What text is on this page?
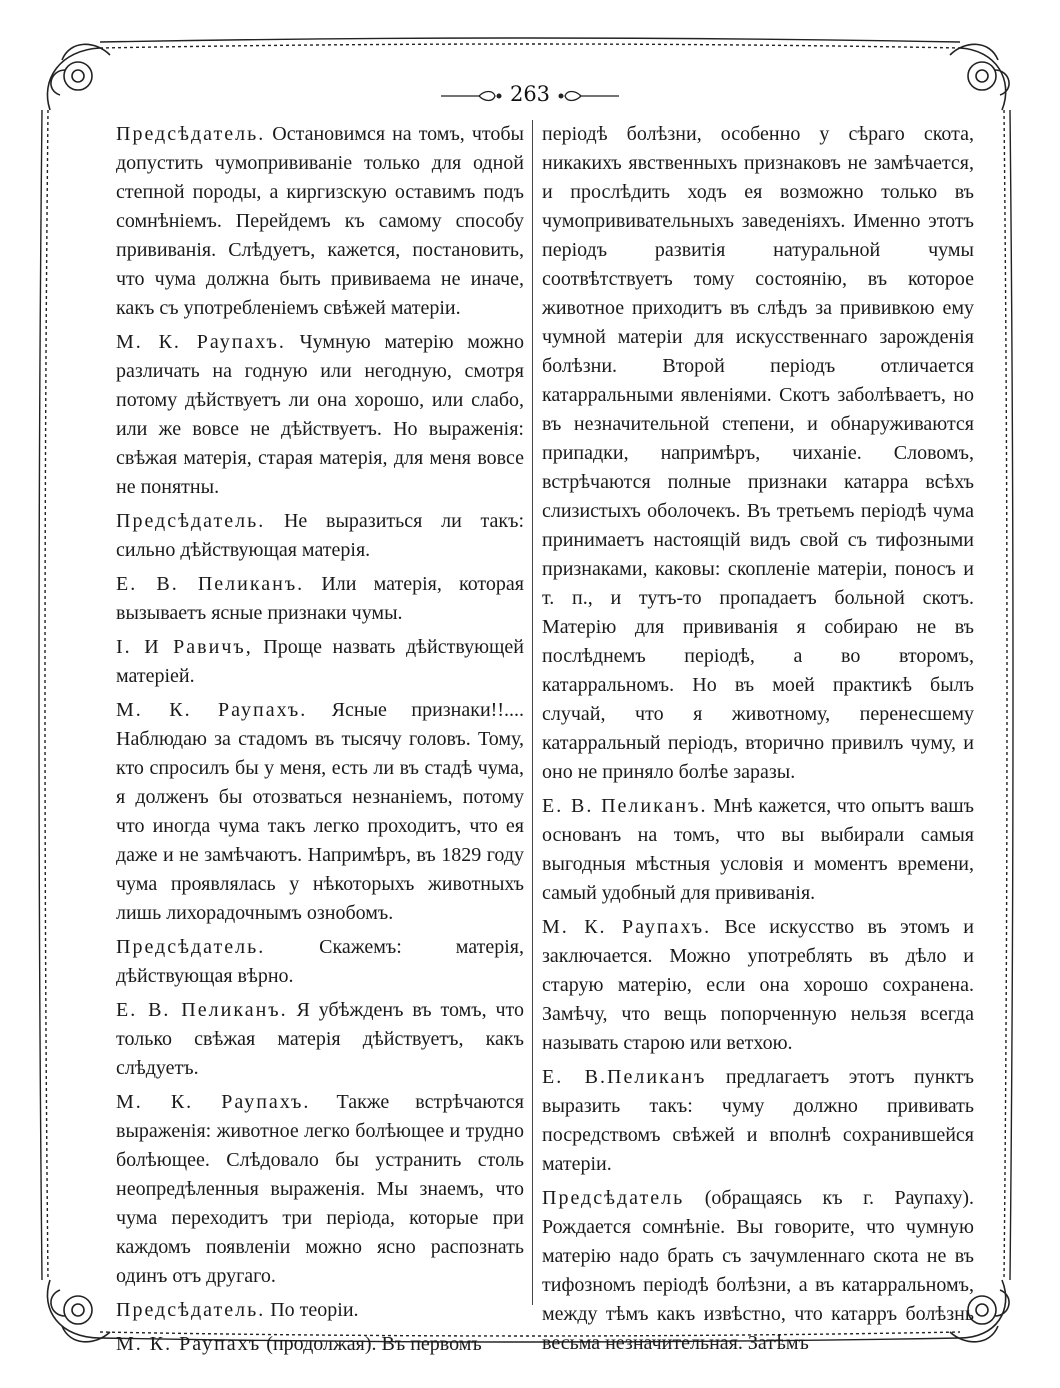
263

Предсѣдатель. Остановимся на томъ, чтобы допустить чумопрививаніе только для одной степной породы, а киргизскую оставимъ подъ сомнѣніемъ. Перейдемъ къ самому способу прививанія. Слѣдуетъ, кажется, постановить, что чума должна быть прививаема не иначе, какъ съ употребленіемъ свѣжей матеріи.

М. К. Раупахъ. Чумную матерію можно различать на годную или негодную, смотря потому дѣйствуетъ ли она хорошо, или слабо, или же вовсе не дѣйствуетъ. Но выраженія: свѣжая матерія, старая матерія, для меня вовсе не понятны.

Предсѣдатель. Не выразиться ли такъ: сильно дѣйствующая матерія.

Е. В. Пеликанъ. Или матерія, которая вызываетъ ясные признаки чумы.

І. И Равичъ, Проще назвать дѣйствующей матеріей.

М. К. Раупахъ. Ясные признаки!!.... Наблюдаю за стадомъ въ тысячу головъ. Тому, кто спросилъ бы у меня, есть ли въ стадѣ чума, я долженъ бы отозваться незнаніемъ, потому что иногда чума такъ легко проходитъ, что ея даже и не замѣчаютъ. Напримѣръ, въ 1829 году чума проявлялась у нѣкоторыхъ животныхъ лишь лихорадочнымъ ознобомъ.

Предсѣдатель. Скажемъ: матерія, дѣйствующая вѣрно.

Е. В. Пеликанъ. Я убѣжденъ въ томъ, что только свѣжая матерія дѣйствуетъ, какъ слѣдуетъ.

М. К. Раупахъ. Также встрѣчаются выраженія: животное легко болѣющее и трудно болѣющее. Слѣдовало бы устранить столь неопредѣленныя выраженія. Мы знаемъ, что чума переходитъ три періода, которые при каждомъ появленіи можно ясно распознать одинъ отъ другаго.

Предсѣдатель. По теоріи.

М. К. Раупахъ (продолжая). Въ первомъ

періодѣ болѣзни, особенно у сѣраго скота, никакихъ явственныхъ признаковъ не замѣчается, и прослѣдить ходъ ея возможно только въ чумопрививательныхъ заведеніяхъ. Именно этотъ періодъ развитія натуральной чумы соотвѣтствуетъ тому состоянію, въ которое животное приходитъ въ слѣдъ за прививкою ему чумной матеріи для искусственнаго зарожденія болѣзни. Второй періодъ отличается катарральными явленіями. Скотъ заболѣваетъ, но въ незначительной степени, и обнаруживаются припадки, напримѣръ, чиханіе. Словомъ, встрѣчаются полные признаки катарра всѣхъ слизистыхъ оболочекъ. Въ третьемъ періодѣ чума принимаетъ настоящій видъ свой съ тифозными признаками, каковы: скопленіе матеріи, поносъ и т. п., и тутъ-то пропадаетъ больной скотъ. Матерію для прививанія я собираю не въ послѣднемъ періодѣ, а во второмъ, катарральномъ. Но въ моей практикѣ былъ случай, что я животному, перенесшему катарральный періодъ, вторично привилъ чуму, и оно не приняло болѣе заразы.

Е. В. Пеликанъ. Мнѣ кажется, что опытъ вашъ основанъ на томъ, что вы выбирали самыя выгодныя мѣстныя условія и моментъ времени, самый удобный для прививанія.

М. К. Раупахъ. Все искусство въ этомъ и заключается. Можно употреблять въ дѣло и старую матерію, если она хорошо сохранена. Замѣчу, что вещь попорченную нельзя всегда называть старою или ветхою.

Е. В.Пеликанъ предлагаетъ этотъ пунктъ выразить такъ: чуму должно прививать посредствомъ свѣжей и вполнѣ сохранившейся матеріи.

Предсѣдатель (обращаясь къ г. Раупаху). Рождается сомнѣніе. Вы говорите, что чумную матерію надо брать съ зачумленнаго скота не въ тифозномъ періодѣ болѣзни, а въ катарральномъ, между тѣмъ какъ извѣстно, что катарръ болѣзнь весьма незначительная. Затѣмъ
